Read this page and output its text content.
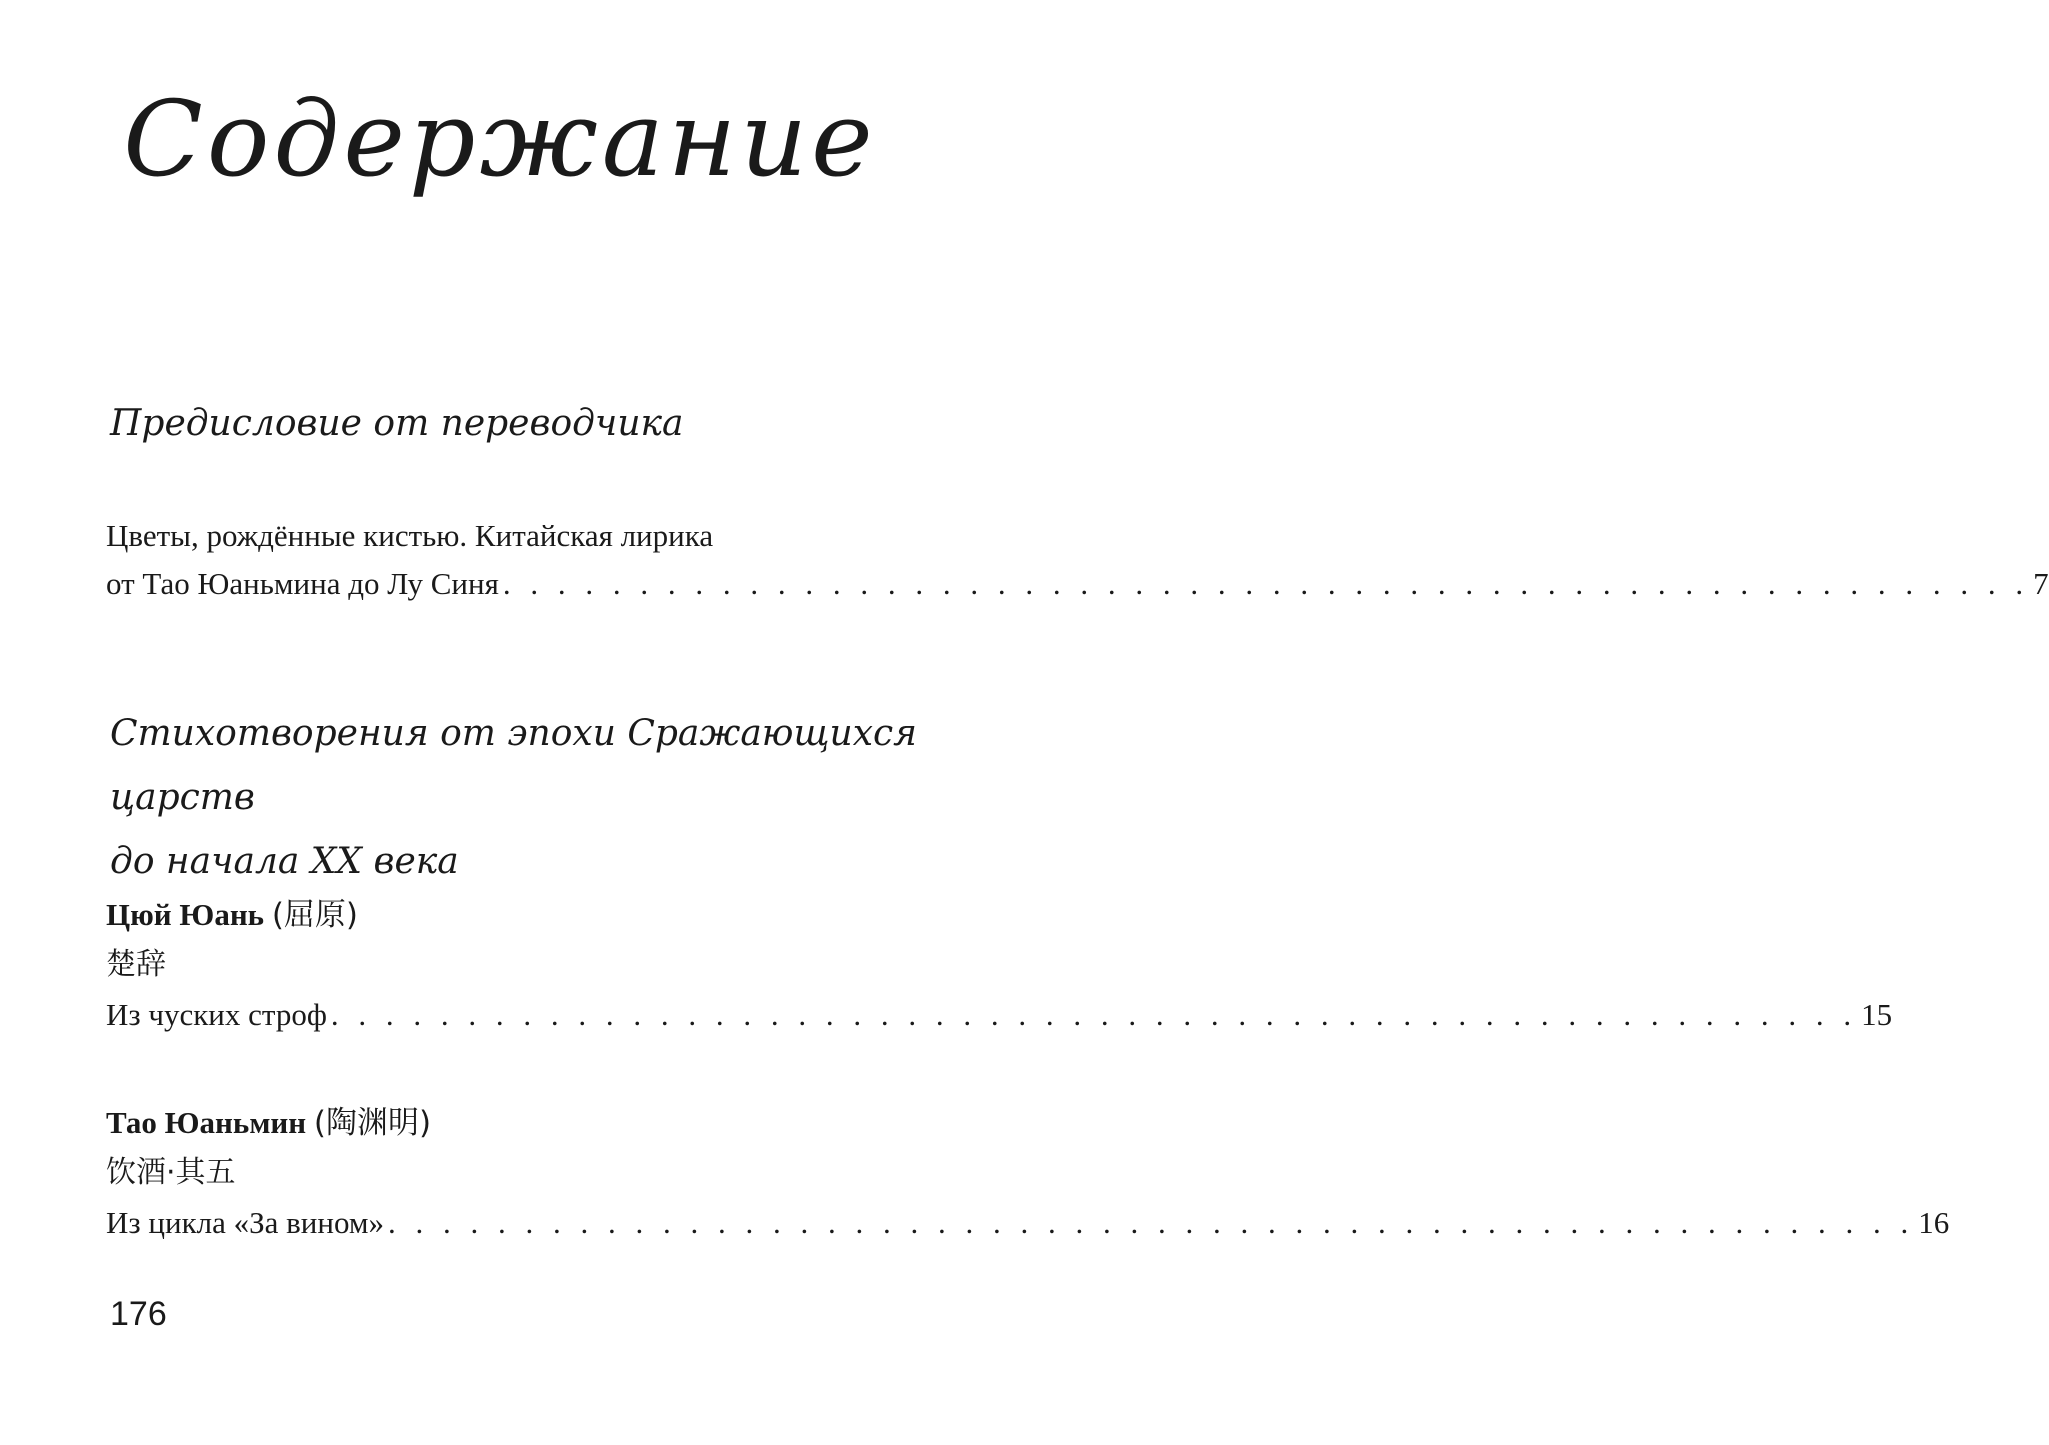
Содержание
Предисловие от переводчика
Цветы, рождённые кистью. Китайская лирика
от Тао Юаньмина до Лу Синя . . . . . . . . . . . . . . . . . . . . . . . . . . . . . . . . . . . . . . . . . . . . . . . . . . . . . . . . 7
Стихотворения от эпохи Сражающихся царств
до начала XX века
Цюй Юань (屈原)
楚辞
Из чуских строф . . . . . . . . . . . . . . . . . . . . . . . . . . . . . . . . . . . . . . . . . . . . . . . . . . . . . . . . 15
Тао Юаньмин (陶渊明)
饮酒·其五
Из цикла «За вином» . . . . . . . . . . . . . . . . . . . . . . . . . . . . . . . . . . . . . . . . . . . . . . . . . . . . . . . . 16
176
